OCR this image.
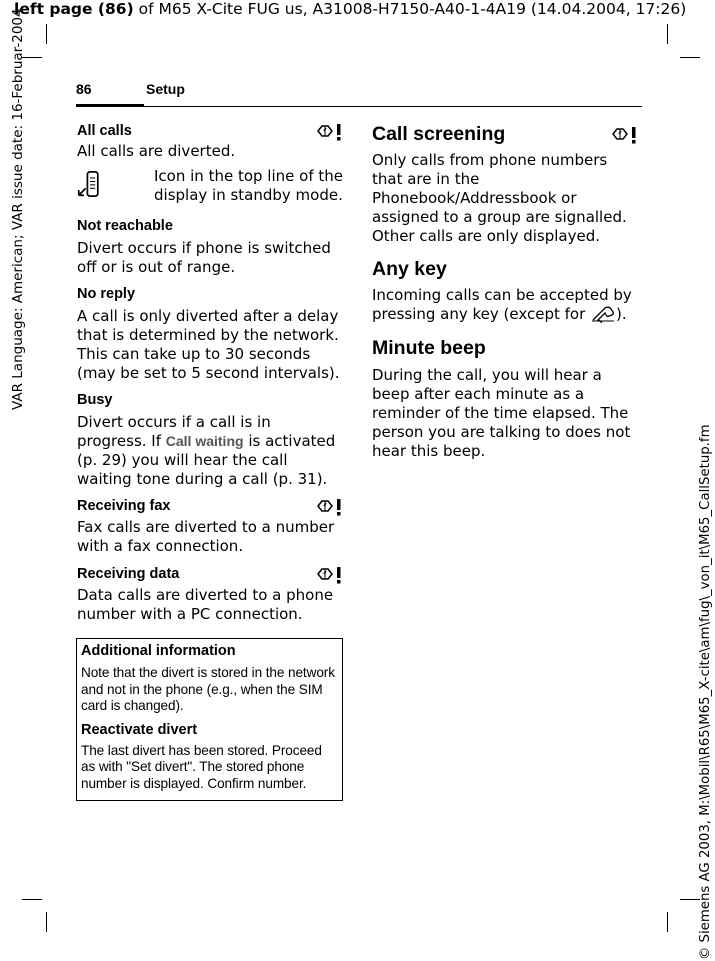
left page (86) of M65 X-Cite FUG us, A31008-H7150-A40-1-4A19 (14.04.2004, 17:26)
VAR Language: American; VAR issue date: 16-Februar-2004
© Siemens AG 2003, M:\Mobil\R65\M65_X-cite\am\fug\_von_it\M65_CallSetup.fm
86	Setup
All calls

All calls are diverted.

Icon in the top line of the display in standby mode.

Not reachable

Divert occurs if phone is switched off or is out of range.

No reply

A call is only diverted after a delay that is determined by the network. This can take up to 30 seconds (may be set to 5 second intervals).

Busy

Divert occurs if a call is in progress. If Call waiting is activated (p. 29) you will hear the call waiting tone during a call (p. 31).

Receiving fax

Fax calls are diverted to a number with a fax connection.

Receiving data

Data calls are diverted to a phone number with a PC connection.

Additional information

Note that the divert is stored in the network and not in the phone (e.g., when the SIM card is changed).

Reactivate divert

The last divert has been stored. Proceed as with "Set divert". The stored phone number is displayed. Confirm number.

Call screening

Only calls from phone numbers that are in the Phonebook/Addressbook or assigned to a group are signalled. Other calls are only displayed.

Any key

Incoming calls can be accepted by pressing any key (except for ).

Minute beep

During the call, you will hear a beep after each minute as a reminder of the time elapsed. The person you are talking to does not hear this beep.
